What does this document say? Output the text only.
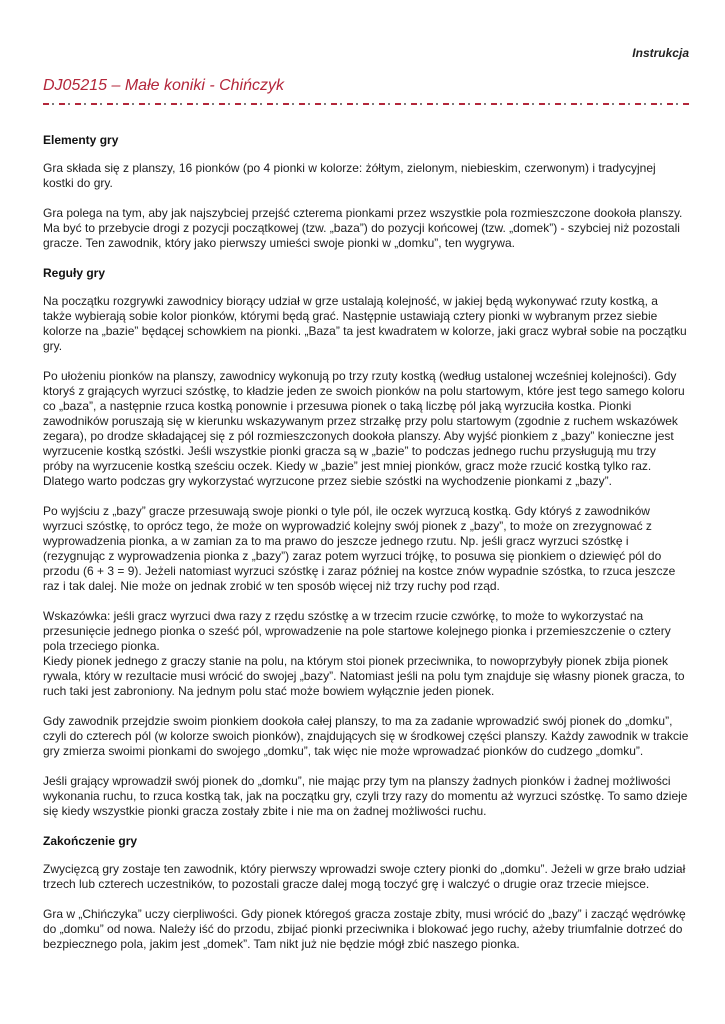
Instrukcja
DJ05215 – Małe koniki - Chińczyk
Elementy gry

Gra składa się z planszy, 16 pionków (po 4 pionki w kolorze: żółtym, zielonym, niebieskim, czerwonym) i tradycyjnej kostki do gry.

Gra polega na tym, aby jak najszybciej przejść czterema pionkami przez wszystkie pola rozmieszczone dookoła planszy. Ma być to przebycie drogi z pozycji początkowej (tzw. „baza”) do pozycji końcowej (tzw. „domek”) - szybciej niż pozostali gracze. Ten zawodnik, który jako pierwszy umieści swoje pionki w „domku”, ten wygrywa.

Reguły gry

Na początku rozgrywki zawodnicy biorący udział w grze ustalają kolejność, w jakiej będą wykonywać rzuty kostką, a także wybierają sobie kolor pionków, którymi będą grać. Następnie ustawiają cztery pionki w wybranym przez siebie kolorze na „bazie” będącej schowkiem na pionki. „Baza” ta jest kwadratem w kolorze, jaki gracz wybrał sobie na początku gry.

Po ułożeniu pionków na planszy, zawodnicy wykonują po trzy rzuty kostką (według ustalonej wcześniej kolejności). Gdy ktoryś z grających wyrzuci szóstkę, to kładzie jeden ze swoich pionków na polu startowym, które jest tego samego koloru co „baza”, a następnie rzuca kostką ponownie i przesuwa pionek o taką liczbę pól jaką wyrzuciła kostka. Pionki zawodników poruszają się w kierunku wskazywanym przez strzałkę przy polu startowym (zgodnie z ruchem wskazówek zegara), po drodze składającej się z pól rozmieszczonych dookoła planszy. Aby wyjść pionkiem z „bazy” konieczne jest wyrzucenie kostką szóstki. Jeśli wszystkie pionki gracza są w „bazie” to podczas jednego ruchu przysługują mu trzy próby na wyrzucenie kostką sześciu oczek. Kiedy w „bazie” jest mniej pionków, gracz może rzucić kostką tylko raz. Dlatego warto podczas gry wykorzystać wyrzucone przez siebie szóstki na wychodzenie pionkami z „bazy”.

Po wyjściu z „bazy” gracze przesuwają swoje pionki o tyle pól, ile oczek wyrzucą kostką. Gdy któryś z zawodników wyrzuci szóstkę, to oprócz tego, że może on wyprowadzić kolejny swój pionek z „bazy”, to może on zrezygnować z wyprowadzenia pionka, a w zamian za to ma prawo do jeszcze jednego rzutu. Np. jeśli gracz wyrzuci szóstkę i (rezygnując z wyprowadzenia pionka z „bazy”) zaraz potem wyrzuci trójkę, to posuwa się pionkiem o dziewięć pól do przodu (6 + 3 = 9). Jeżeli natomiast wyrzuci szóstkę i zaraz później na kostce znów wypadnie szóstka, to rzuca jeszcze raz i tak dalej. Nie może on jednak zrobić w ten sposób więcej niż trzy ruchy pod rząd.

Wskazówka: jeśli gracz wyrzuci dwa razy z rzędu szóstkę a w trzecim rzucie czwórkę, to może to wykorzystać na przesunięcie jednego pionka o sześć pól, wprowadzenie na pole startowe kolejnego pionka i przemieszczenie o cztery pola trzeciego pionka.

Kiedy pionek jednego z graczy stanie na polu, na którym stoi pionek przeciwnika, to nowoprzybyły pionek zbija pionek rywala, który w rezultacie musi wrócić do swojej „bazy”. Natomiast jeśli na polu tym znajduje się własny pionek gracza, to ruch taki jest zabroniony. Na jednym polu stać może bowiem wyłącznie jeden pionek.

Gdy zawodnik przejdzie swoim pionkiem dookoła całej planszy, to ma za zadanie wprowadzić swój pionek do „domku”, czyli do czterech pól (w kolorze swoich pionków), znajdujących się w środkowej części planszy. Każdy zawodnik w trakcie gry zmierza swoimi pionkami do swojego „domku”, tak więc nie może wprowadzać pionków do cudzego „domku”.

Jeśli grający wprowadził swój pionek do „domku”, nie mając przy tym na planszy żadnych pionków i żadnej możliwości wykonania ruchu, to rzuca kostką tak, jak na początku gry, czyli trzy razy do momentu aż wyrzuci szóstkę. To samo dzieje się kiedy wszystkie pionki gracza zostały zbite i nie ma on żadnej możliwości ruchu.

Zakończenie gry

Zwycięzcą gry zostaje ten zawodnik, który pierwszy wprowadzi swoje cztery pionki do „domku”. Jeżeli w grze brało udział trzech lub czterech uczestników, to pozostali gracze dalej mogą toczyć grę i walczyć o drugie oraz trzecie miejsce.

Gra w „Chińczyka” uczy cierpliwości. Gdy pionek któregoś gracza zostaje zbity, musi wrócić do „bazy” i zacząć wędrówkę do „domku” od nowa. Należy iść do przodu, zbijać pionki przeciwnika i blokować jego ruchy, ażeby triumfalnie dotrzeć do bezpiecznego pola, jakim jest „domek”. Tam nikt już nie będzie mógł zbić naszego pionka.
